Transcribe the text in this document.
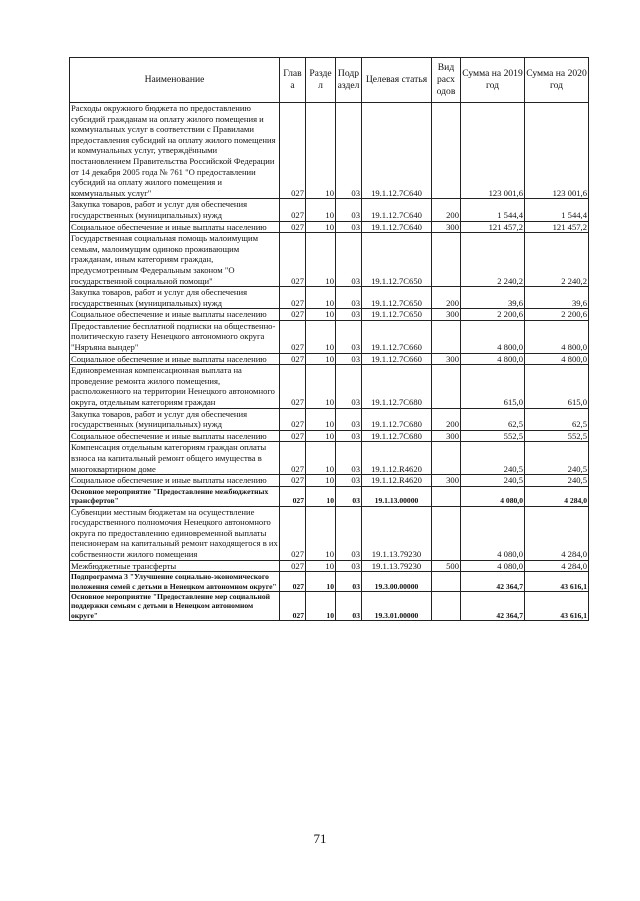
Наименование	Глав а	Разде л	Подр аздел	Целевая статья	Вид расх одов	Сумма на 2019 год	Сумма на 2020 год
Расходы окружного бюджета по предоставлению субсидий гражданам на оплату жилого помещения и коммунальных услуг в соответствии с Правилами предоставления субсидий на оплату жилого помещения и коммунальных услуг, утверждёнными постановлением Правительства Российской Федерации от 14 декабря 2005 года № 761 "О предоставлении субсидий на оплату жилого помещения и коммунальных услуг"	027	10	03	19.1.12.7С640		123 001,6	123 001,6
Закупка товаров, работ и услуг для обеспечения государственных (муниципальных) нужд	027	10	03	19.1.12.7С640	200	1 544,4	1 544,4
Социальное обеспечение и иные выплаты населению	027	10	03	19.1.12.7С640	300	121 457,2	121 457,2
Государственная социальная помощь малоимущим семьям, малоимущим одиноко проживающим гражданам, иным категориям граждан, предусмотренным Федеральным законом "О государственной социальной помощи"	027	10	03	19.1.12.7С650		2 240,2	2 240,2
Закупка товаров, работ и услуг для обеспечения государственных (муниципальных) нужд	027	10	03	19.1.12.7С650	200	39,6	39,6
Социальное обеспечение и иные выплаты населению	027	10	03	19.1.12.7С650	300	2 200,6	2 200,6
Предоставление бесплатной подписки на общественно-политическую газету Ненецкого автономного округа "Няръяна вындер"	027	10	03	19.1.12.7С660		4 800,0	4 800,0
Социальное обеспечение и иные выплаты населению	027	10	03	19.1.12.7С660	300	4 800,0	4 800,0
Единовременная компенсационная выплата на проведение ремонта жилого помещения, расположенного на территории Ненецкого автономного округа, отдельным категориям граждан	027	10	03	19.1.12.7С680		615,0	615,0
Закупка товаров, работ и услуг для обеспечения государственных (муниципальных) нужд	027	10	03	19.1.12.7С680	200	62,5	62,5
Социальное обеспечение и иные выплаты населению	027	10	03	19.1.12.7С680	300	552,5	552,5
Компенсация отдельным категориям граждан оплаты взноса на капитальный ремонт общего имущества в многоквартирном доме	027	10	03	19.1.12.R4620		240,5	240,5
Социальное обеспечение и иные выплаты населению	027	10	03	19.1.12.R4620	300	240,5	240,5
Основное мероприятие "Предоставление межбюджетных трансфертов"	027	10	03	19.1.13.00000		4 080,0	4 284,0
Субвенции местным бюджетам на осуществление государственного полномочия Ненецкого автономного округа по предоставлению единовременной выплаты пенсионерам на капитальный ремонт находящегося в их собственности жилого помещения	027	10	03	19.1.13.79230		4 080,0	4 284,0
Межбюджетные трансферты	027	10	03	19.1.13.79230	500	4 080,0	4 284,0
Подпрограмма 3 "Улучшение социально-экономического положения семей с детьми в Ненецком автономном округе"	027	10	03	19.3.00.00000		42 364,7	43 616,1
Основное мероприятие "Предоставление мер социальной поддержки семьям с детьми в Ненецком автономном округе"	027	10	03	19.3.01.00000		42 364,7	43 616,1
71
